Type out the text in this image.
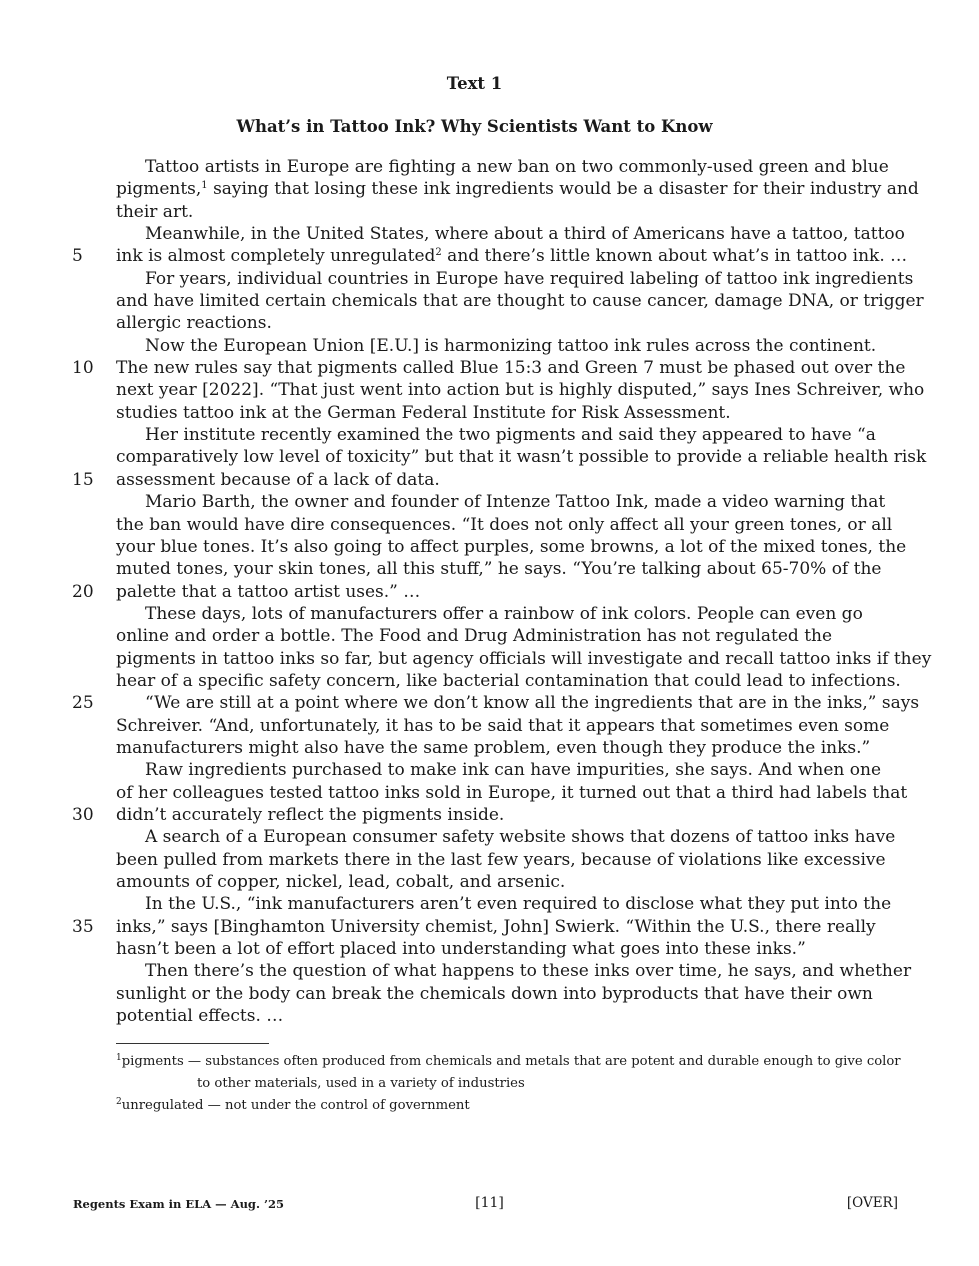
Text 1
What’s in Tattoo Ink? Why Scientists Want to Know
Tattoo artists in Europe are fighting a new ban on two commonly-used green and blue
pigments,$^1$ saying that losing these ink ingredients would be a disaster for their industry and
their art.
Meanwhile, in the United States, where about a third of Americans have a tattoo, tattoo
5	ink is almost completely unregulated$^2$ and there’s little known about what’s in tattoo ink. …
For years, individual countries in Europe have required labeling of tattoo ink ingredients
and have limited certain chemicals that are thought to cause cancer, damage DNA, or trigger
allergic reactions.
Now the European Union [E.U.] is harmonizing tattoo ink rules across the continent.
10 The new rules say that pigments called Blue 15:3 and Green 7 must be phased out over the
next year [2022]. “That just went into action but is highly disputed,” says Ines Schreiver, who
studies tattoo ink at the German Federal Institute for Risk Assessment.
Her institute recently examined the two pigments and said they appeared to have “a
comparatively low level of toxicity” but that it wasn’t possible to provide a reliable health risk
15 assessment because of a lack of data.
Mario Barth, the owner and founder of Intenze Tattoo Ink, made a video warning that
the ban would have dire consequences. “It does not only affect all your green tones, or all
your blue tones. It’s also going to affect purples, some browns, a lot of the mixed tones, the
muted tones, your skin tones, all this stuff,” he says. “You’re talking about 65-70% of the
20 palette that a tattoo artist uses.” …
These days, lots of manufacturers offer a rainbow of ink colors. People can even go
online and order a bottle. The Food and Drug Administration has not regulated the
pigments in tattoo inks so far, but agency officials will investigate and recall tattoo inks if they
hear of a specific safety concern, like bacterial contamination that could lead to infections.
25	“We are still at a point where we don’t know all the ingredients that are in the inks,” says
Schreiver. “And, unfortunately, it has to be said that it appears that sometimes even some
manufacturers might also have the same problem, even though they produce the inks.”
Raw ingredients purchased to make ink can have impurities, she says. And when one
of her colleagues tested tattoo inks sold in Europe, it turned out that a third had labels that
30 didn’t accurately reflect the pigments inside.
A search of a European consumer safety website shows that dozens of tattoo inks have
been pulled from markets there in the last few years, because of violations like excessive
amounts of copper, nickel, lead, cobalt, and arsenic.
In the U.S., “ink manufacturers aren’t even required to disclose what they put into the
35 inks,” says [Binghamton University chemist, John] Swierk. “Within the U.S., there really
hasn’t been a lot of effort placed into understanding what goes into these inks.”
Then there’s the question of what happens to these inks over time, he says, and whether
sunlight or the body can break the chemicals down into byproducts that have their own
potential effects. …
$^1$pigments — substances often produced from chemicals and metals that are potent and durable enough to give color
to other materials, used in a variety of industries
$^2$unregulated — not under the control of government
Regents Exam in ELA — Aug. ’25	[11]	[OVER]
